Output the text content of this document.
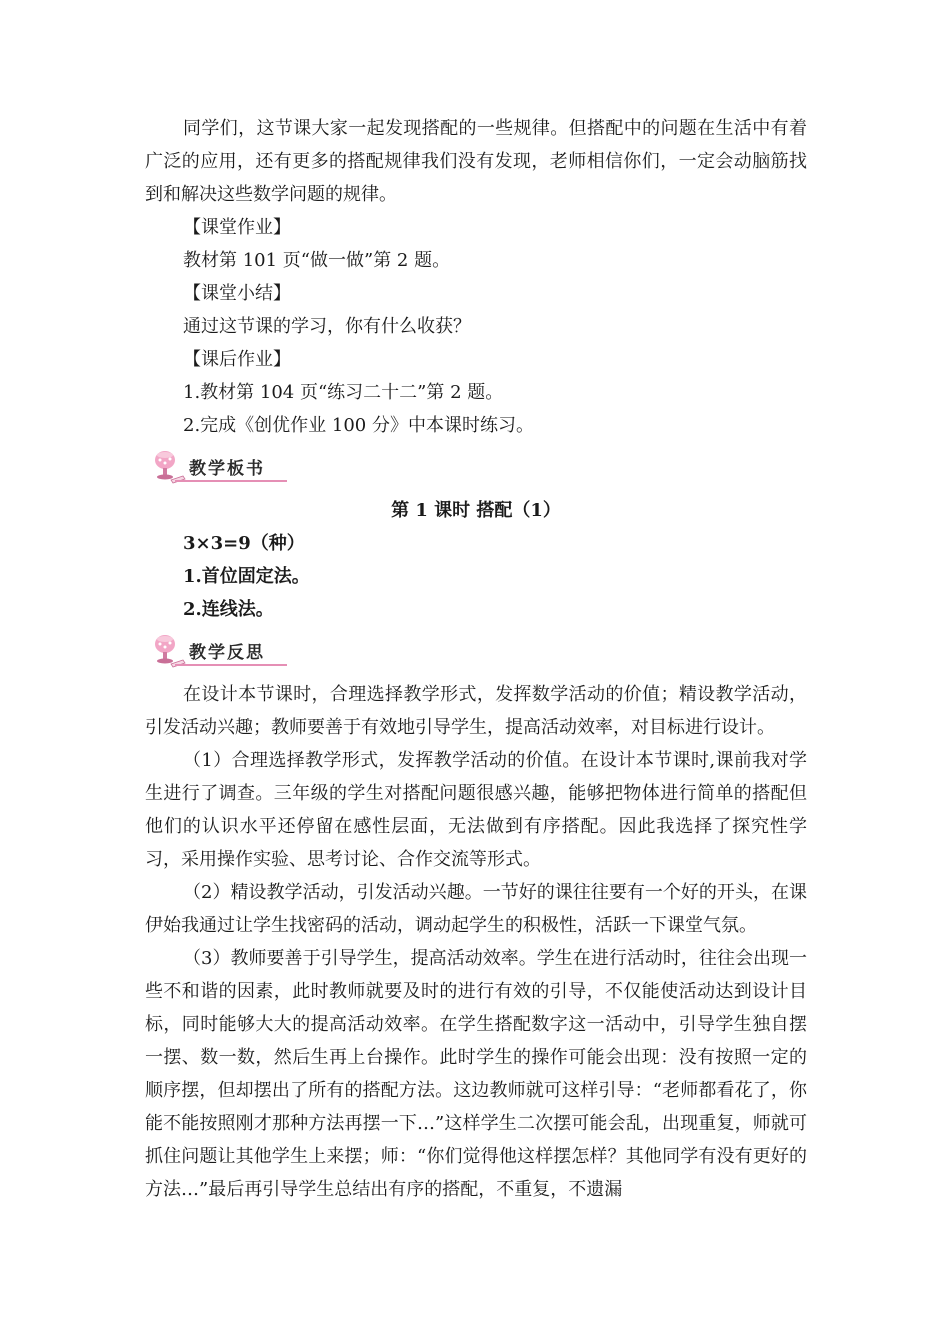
同学们，这节课大家一起发现搭配的一些规律。但搭配中的问题在生活中有着广泛的应用，还有更多的搭配规律我们没有发现，老师相信你们，一定会动脑筋找到和解决这些数学问题的规律。

【课堂作业】

教材第 101 页“做一做”第 2 题。

【课堂小结】

通过这节课的学习，你有什么收获？

【课后作业】

1.教材第 104 页“练习二十二”第 2 题。

2.完成《创优作业 100 分》中本课时练习。

教学板书

第 1 课时 搭配（1）

3×3=9（种）

1.首位固定法。

2.连线法。

教学反思

在设计本节课时，合理选择教学形式，发挥数学活动的价值；精设教学活动，引发活动兴趣；教师要善于有效地引导学生，提高活动效率，对目标进行设计。

（1）合理选择教学形式，发挥教学活动的价值。在设计本节课时,课前我对学生进行了调查。三年级的学生对搭配问题很感兴趣，能够把物体进行简单的搭配但他们的认识水平还停留在感性层面，无法做到有序搭配。因此我选择了探究性学习，采用操作实验、思考讨论、合作交流等形式。

（2）精设教学活动，引发活动兴趣。一节好的课往往要有一个好的开头，在课伊始我通过让学生找密码的活动，调动起学生的积极性，活跃一下课堂气氛。

（3）教师要善于引导学生，提高活动效率。学生在进行活动时，往往会出现一些不和谐的因素，此时教师就要及时的进行有效的引导，不仅能使活动达到设计目标，同时能够大大的提高活动效率。在学生搭配数字这一活动中，引导学生独自摆一摆、数一数，然后生再上台操作。此时学生的操作可能会出现：没有按照一定的顺序摆，但却摆出了所有的搭配方法。这边教师就可这样引导：“老师都看花了，你能不能按照刚才那种方法再摆一下…”这样学生二次摆可能会乱，出现重复，师就可抓住问题让其他学生上来摆；师：“你们觉得他这样摆怎样？其他同学有没有更好的方法…”最后再引导学生总结出有序的搭配，不重复，不遗漏
